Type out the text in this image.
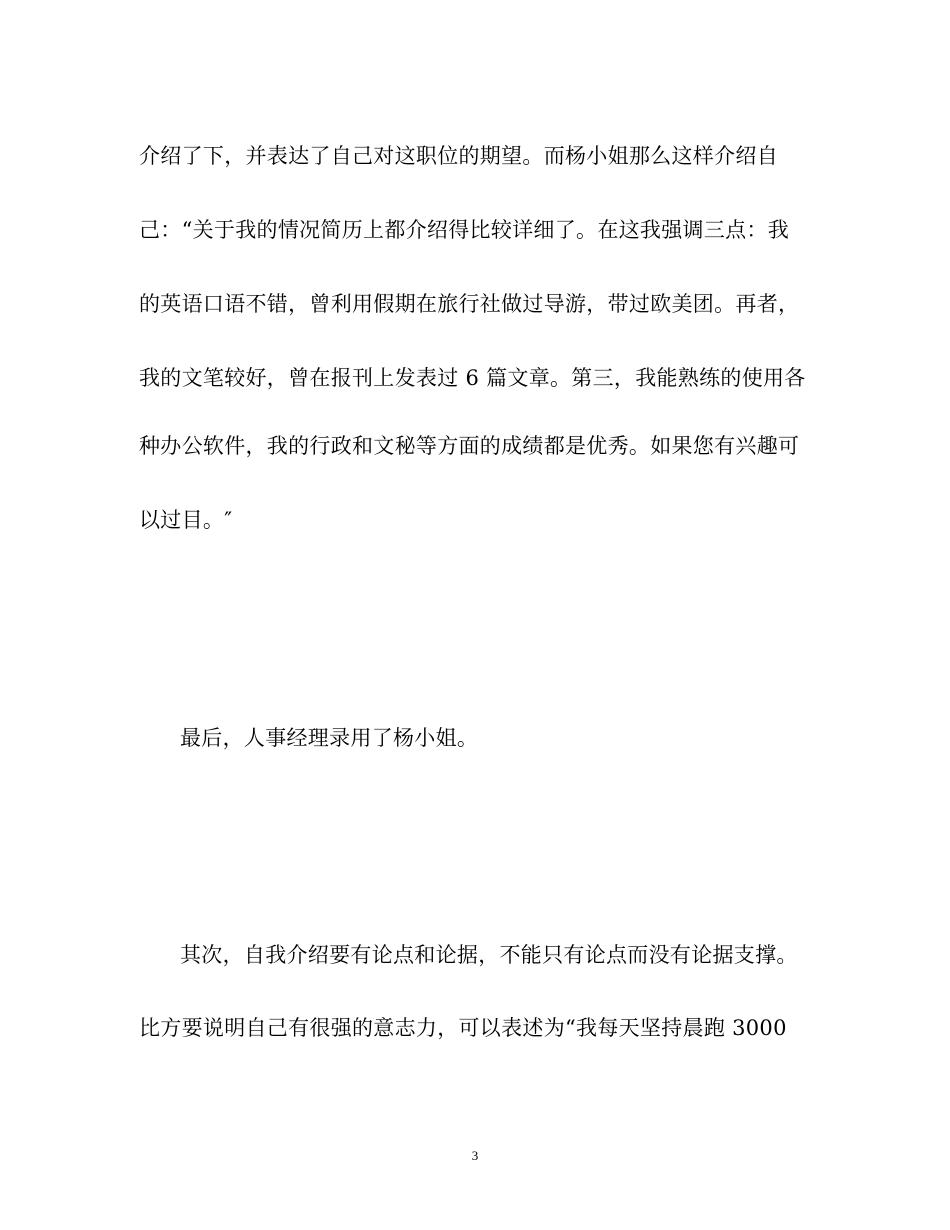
介绍了下，并表达了自己对这职位的期望。而杨小姐那么这样介绍自
己：“关于我的情况简历上都介绍得比较详细了。在这我强调三点：我
的英语口语不错，曾利用假期在旅行社做过导游，带过欧美团。再者，
我的文笔较好，曾在报刊上发表过 6 篇文章。第三，我能熟练的使用各
种办公软件，我的行政和文秘等方面的成绩都是优秀。如果您有兴趣可
以过目。″
最后，人事经理录用了杨小姐。
其次，自我介绍要有论点和论据，不能只有论点而没有论据支撑。
比方要说明自己有很强的意志力，可以表述为“我每天坚持晨跑 3000
3
